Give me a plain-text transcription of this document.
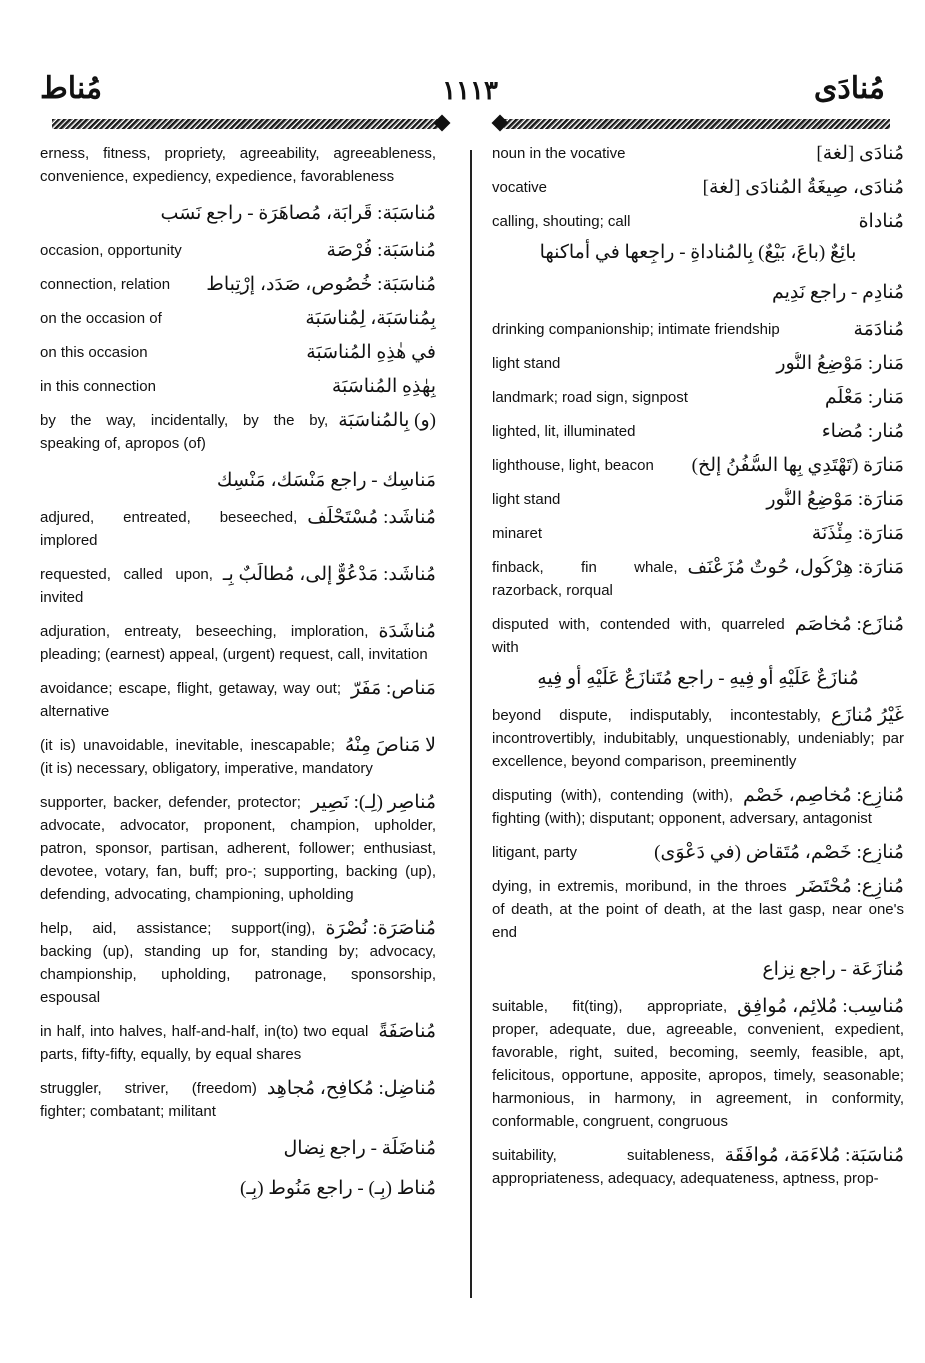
مُناط	١١١٣	مُنادَى
erness, fitness, propriety, agreeability, agreeableness, convenience, expediency, expedience, favorableness
مُناسَبَة: قَرابَة، مُصاهَرَة - راجع نَسَب
مُناسَبَة: فُرْصَة
occasion, opportunity
مُناسَبَة: خُصُوص، صَدَد، إرْتِباط
connection, relation
بِمُناسَبَة، لِمُناسَبَة
on the occasion of
في هٰذِهِ المُناسَبَة
on this occasion
بِهٰذِهِ المُناسَبَة
in this connection
(و) بِالمُناسَبَة
by the way, incidentally, by the by, speaking of, apropos (of)
مَناسِك - راجع مَنْسَك، مَنْسِك
مُناشَد: مُسْتَحْلَف
adjured, entreated, beseeched, implored
مُناشَد: مَدْعُوٌّ إلى، مُطالَبٌ بِـ
requested, called upon, invited
مُناشَدَة
adjuration, entreaty, beseeching, imploration, pleading; (earnest) appeal, (urgent) request, call, invitation
مَناص: مَفَرّ
avoidance; escape, flight, getaway, way out; alternative
لا مَناصَ مِنْهُ
(it is) unavoidable, inevitable, inescapable; (it is) necessary, obligatory, imperative, mandatory
مُناصِر (لِـ): نَصِير
supporter, backer, defender, protector; advocate, advocator, proponent, champion, upholder, patron, sponsor, partisan, adherent, follower; enthusiast, devotee, votary, fan, buff; pro-; supporting, backing (up), defending, advocating, championing, upholding
مُناصَرَة: نُصْرَة
help, aid, assistance; support(ing), backing (up), standing up for, standing by; advocacy, championship, upholding, patronage, sponsorship, espousal
مُناصَفَةً
in half, into halves, half-and-half, in(to) two equal parts, fifty-fifty, equally, by equal shares
مُناضِل: مُكافِح، مُجاهِد
struggler, striver, (freedom) fighter; combatant; militant
مُناضَلَة - راجع نِضال
مُناط (بِـ) - راجع مَنُوط (بِـ)
مُنادَى [لغة]
noun in the vocative
مُنادَى، صِيغَةُ المُنادَى [لغة]
vocative
مُناداة
calling, shouting; call
بائِعٌ (باعَ، بَيْعٌ) بِالمُناداةِ - راجِعها في أماكنها
مُنادِم - راجع نَدِيم
مُنادَمَة
drinking companionship; intimate friendship
مَنار: مَوْضِعُ النُّور
light stand
مَنار: مَعْلَم
landmark; road sign, signpost
مُنار: مُضاء
lighted, lit, illuminated
مَنارَة (تَهْتَدِي بِها السُّفُنُ إلخ)
lighthouse, light, beacon
مَنارَة: مَوْضِعُ النُّور
light stand
مَنارَة: مِئْذَنَة
minaret
مَنارَة: هِرْكُول، حُوتٌ مُزَعْنَف
finback, fin whale, razorback, rorqual
مُنازَع: مُخاصَم
disputed with, contended with, quarreled with
مُنازَعٌ عَلَيْهِ أو فِيهِ - راجع مُتَنازَعٌ عَلَيْهِ أو فِيهِ
غَيْرُ مُنازَع
beyond dispute, indisputably, incontestably, incontrovertibly, indubitably, unquestionably, undeniably; par excellence, beyond comparison, preeminently
مُنازِع: مُخاصِم، خَصْم
disputing (with), contending (with), fighting (with); disputant; opponent, adversary, antagonist
مُنازِع: خَصْم، مُتَقاضٍ (في دَعْوَى)
litigant, party
مُنازِع: مُحْتَضَر
dying, in extremis, moribund, in the throes of death, at the point of death, at the last gasp, near one's end
مُنازَعَة - راجع نِزاع
مُناسِب: مُلائِم، مُوافِق
suitable, fit(ting), appropriate, proper, adequate, due, agreeable, convenient, expedient, favorable, right, suited, becoming, seemly, feasible, apt, felicitous, opportune, apposite, apropos, timely, seasonable; harmonious, in harmony, in agreement, in conformity, conformable, congruent, congruous
مُناسَبَة: مُلاءَمَة، مُوافَقَة
suitability, suitableness, appropriateness, adequacy, adequateness, aptness, prop-
